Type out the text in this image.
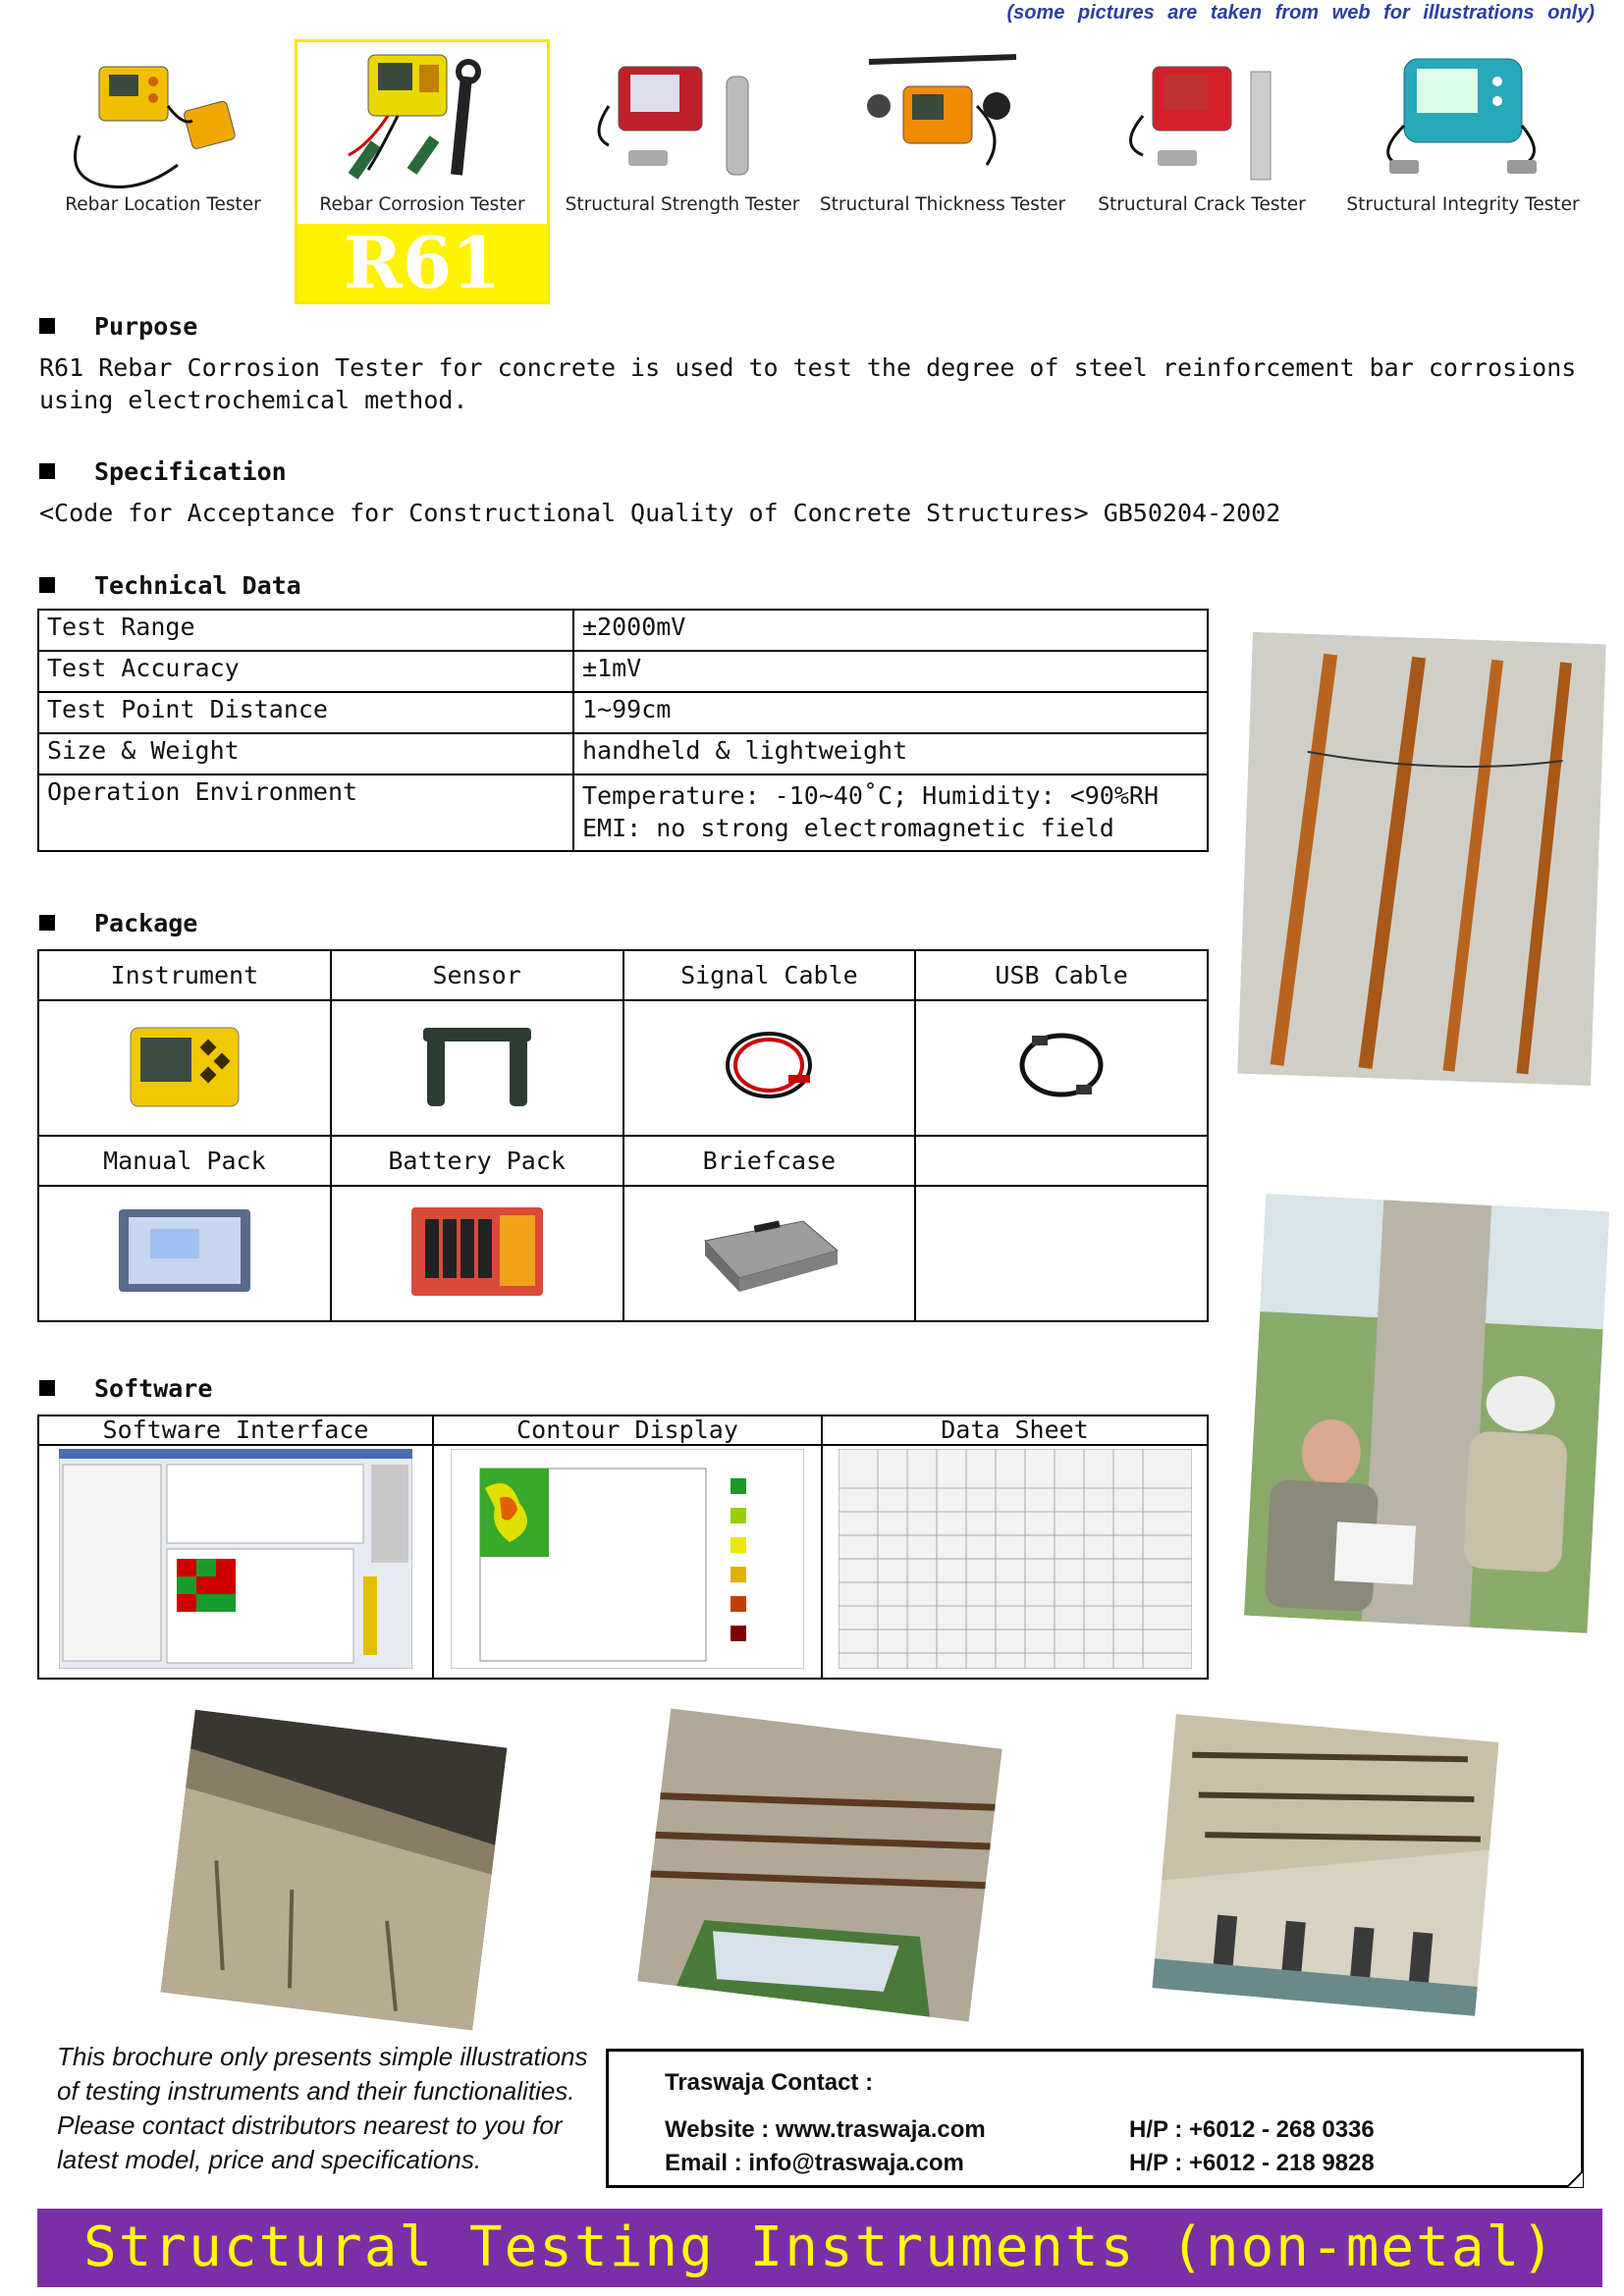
(some pictures are taken from web for illustrations only)
Rebar Location Tester	Rebar Corrosion Tester
R61
Structural Strength Tester	Structural Thickness Tester	Structural Crack Tester	Structural Integrity Tester
Purpose
R61 Rebar Corrosion Tester for concrete is used to test the degree of steel reinforcement bar corrosions
using electrochemical method.
Specification
<Code for Acceptance for Constructional Quality of Concrete Structures> GB50204-2002
Technical Data
Test Range	±2000mV
Test Accuracy	±1mV
Test Point Distance	1~99cm
Size & Weight	handheld & lightweight
Operation Environment	Temperature: -10~40˚C; Humidity: <90%RH
EMI: no strong electromagnetic field
Package
Instrument	Sensor	Signal Cable	USB Cable

Manual Pack	Battery Pack	Briefcase	

Software
Software Interface	Contour Display	Data Sheet

This brochure only presents simple illustrations
of testing instruments and their functionalities.
Please contact distributors nearest to you for
latest model, price and specifications.
Traswaja Contact :
Website : www.traswaja.com
Email : info@traswaja.com
H/P : +6012 - 268 0336
H/P : +6012 - 218 9828
Structural Testing Instruments (non-metal)
